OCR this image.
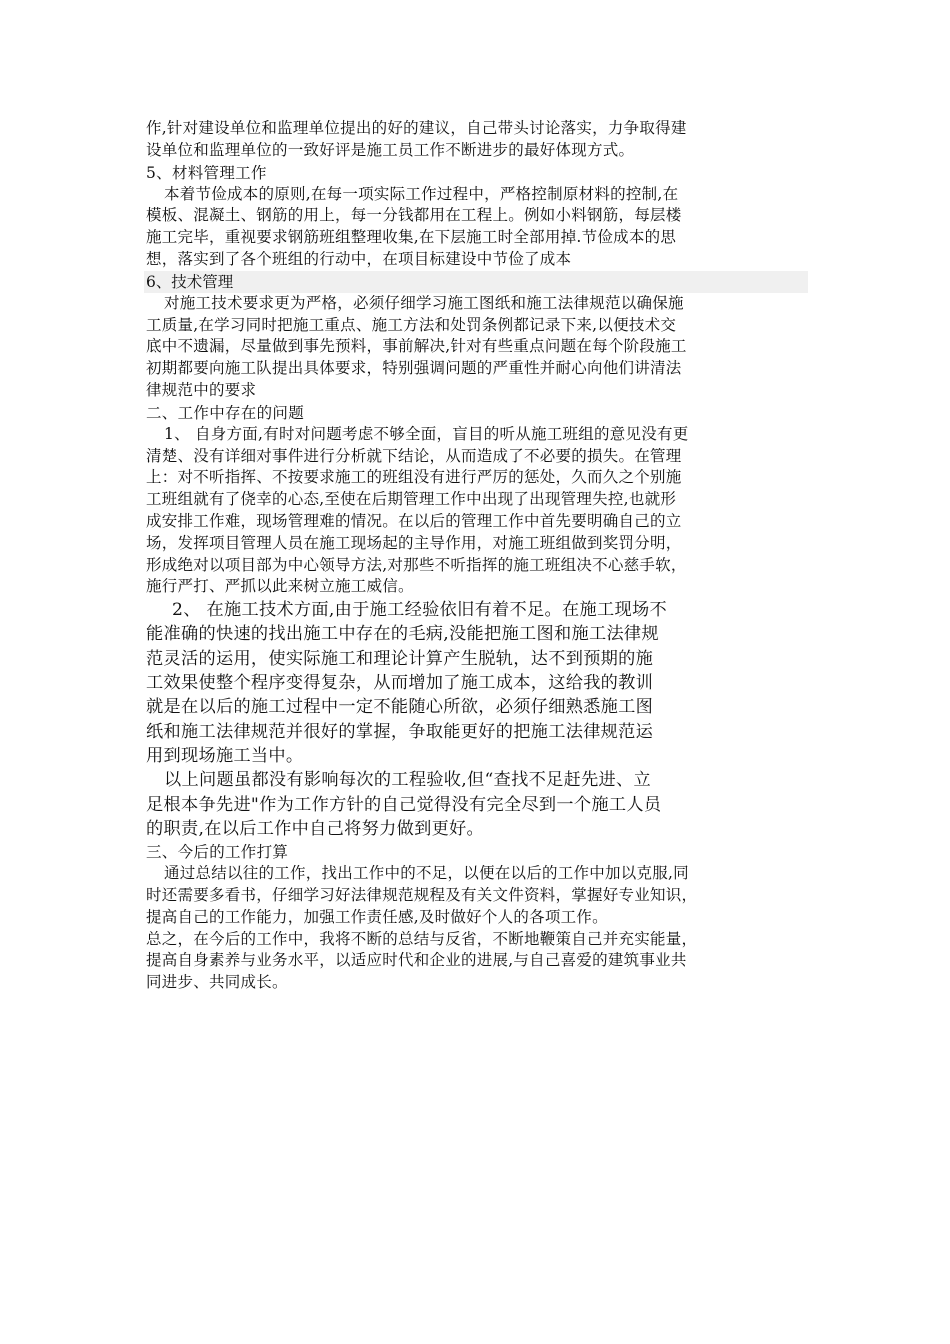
作,针对建设单位和监理单位提出的好的建议，自己带头讨论落实，力争取得建
设单位和监理单位的一致好评是施工员工作不断进步的最好体现方式。
5、材料管理工作
本着节俭成本的原则,在每一项实际工作过程中，严格控制原材料的控制,在
模板、混凝土、钢筋的用上，每一分钱都用在工程上。例如小料钢筋，每层楼
施工完毕，重视要求钢筋班组整理收集,在下层施工时全部用掉.节俭成本的思
想，落实到了各个班组的行动中，在项目标建设中节俭了成本
6、技术管理
对施工技术要求更为严格，必须仔细学习施工图纸和施工法律规范以确保施
工质量,在学习同时把施工重点、施工方法和处罚条例都记录下来,以便技术交
底中不遗漏，尽量做到事先预料，事前解决,针对有些重点问题在每个阶段施工
初期都要向施工队提出具体要求，特别强调问题的严重性并耐心向他们讲清法
律规范中的要求
二、工作中存在的问题
1、 自身方面,有时对问题考虑不够全面，盲目的听从施工班组的意见没有更
清楚、没有详细对事件进行分析就下结论，从而造成了不必要的损失。在管理
上：对不听指挥、不按要求施工的班组没有进行严厉的惩处，久而久之个别施
工班组就有了侥幸的心态,至使在后期管理工作中出现了出现管理失控,也就形
成安排工作难，现场管理难的情况。在以后的管理工作中首先要明确自己的立
场，发挥项目管理人员在施工现场起的主导作用，对施工班组做到奖罚分明，
形成绝对以项目部为中心领导方法,对那些不听指挥的施工班组决不心慈手软，
施行严打、严抓以此来树立施工威信。
2、 在施工技术方面,由于施工经验依旧有着不足。在施工现场不
能准确的快速的找出施工中存在的毛病,没能把施工图和施工法律规
范灵活的运用，使实际施工和理论计算产生脱轨，达不到预期的施
工效果使整个程序变得复杂，从而增加了施工成本，这给我的教训
就是在以后的施工过程中一定不能随心所欲，必须仔细熟悉施工图
纸和施工法律规范并很好的掌握，争取能更好的把施工法律规范运
用到现场施工当中。
以上问题虽都没有影响每次的工程验收,但“查找不足赶先进、立
足根本争先进"作为工作方针的自己觉得没有完全尽到一个施工人员
的职责,在以后工作中自己将努力做到更好。
三、今后的工作打算
通过总结以往的工作，找出工作中的不足，以便在以后的工作中加以克服,同
时还需要多看书，仔细学习好法律规范规程及有关文件资料，掌握好专业知识，
提高自己的工作能力，加强工作责任感,及时做好个人的各项工作。
总之，在今后的工作中，我将不断的总结与反省，不断地鞭策自己并充实能量，
提高自身素养与业务水平，以适应时代和企业的进展,与自己喜爱的建筑事业共
同进步、共同成长。
